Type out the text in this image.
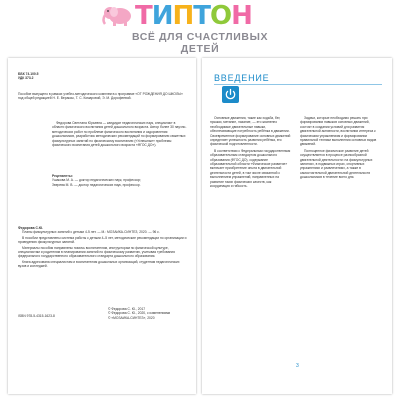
Т И П Т О Н
ВСЁ ДЛЯ СЧАСТЛИВЫХ ДЕТЕЙ
ББК 74.100.5
УДК 373.2
Пособие выпущено в рамках учебно-методического комплекта к программе «ОТ РОЖДЕНИЯ ДО ШКОЛЫ» под общей редакцией Н. Е. Вераксы, Т. С. Комаровой, Э. М. Дорофеевой.
Федорова Светлана Юрьевна — кандидат педагогических наук, специалист в области физического воспитания детей дошкольного возраста. Автор более 30 научно-методических работ по проблеме физического воспитания и оздоровления дошкольников, разработчик методических рекомендаций по формированию сюжетных физкультурных занятий по физическому воспитанию («Успешные» проблемы физического воспитания детей дошкольного возраста «ФГОС ДО»).
Рецензенты:
Ушакова М. А. — доктор педагогических наук, профессор;
Зверева М. В. — доктор педагогических наук, профессор.
Федорова С.Ю.
Планы физкультурных занятий с детьми 4-5 лет. — М.: МОЗАИКА-СИНТЕЗ, 2020. — 96 с.
В пособии представлены система работы с детьми 4–5 лет, методические рекомендации по организации и проведению физкультурных занятий.
Материалы пособия направлены помочь воспитателям, инструкторам по физической культуре, специалистам и родителям в планировании занятий по физическому развитию, учитывая требования федерального государственного образовательного стандарта дошкольного образования.
Книга адресована специалистам и воспитателям дошкольных организаций, студентам педагогических вузов и колледжей.
ISBN 978-5-4315-1623-8
© Федорова С. Ю., 2017
© Федорова С. Ю., 2020, с изменениями
© «МОЗАИКА-СИНТЕЗ», 2020
ВВЕДЕНИЕ
Основные движения, такие как ходьба, бег, прыжки, метание, лазание, — это жизненно необходимые двигательные навыки, обеспечивающие потребность ребёнка в движении. Своевременное формирование основных движений определяет успешность развития ребёнка, его физической подготовленности.
В соответствии с Федеральным государственным образовательным стандартом дошкольного образования (ФГОС ДО), содержание образовательной области «Физическое развитие» включает приобретение опыта в двигательной деятельности детей, в том числе связанной с выполнением упражнений, направленных на развитие таких физических качеств, как координация и гибкость.
Задачи, которые необходимо решать при формировании навыков основных движений, состоят в создании условий для развития двигательной активности, воспитании интереса к физическим упражнениям и формировании правильной техники выполнения основных видов движений.
Полноценное физическое развитие детей осуществляется в процессе разнообразной двигательной деятельности: на физкультурных занятиях, в подвижных играх, спортивных упражнениях и развлечениях, а также в самостоятельной двигательной деятельности дошкольников в течение всего дня.
3
